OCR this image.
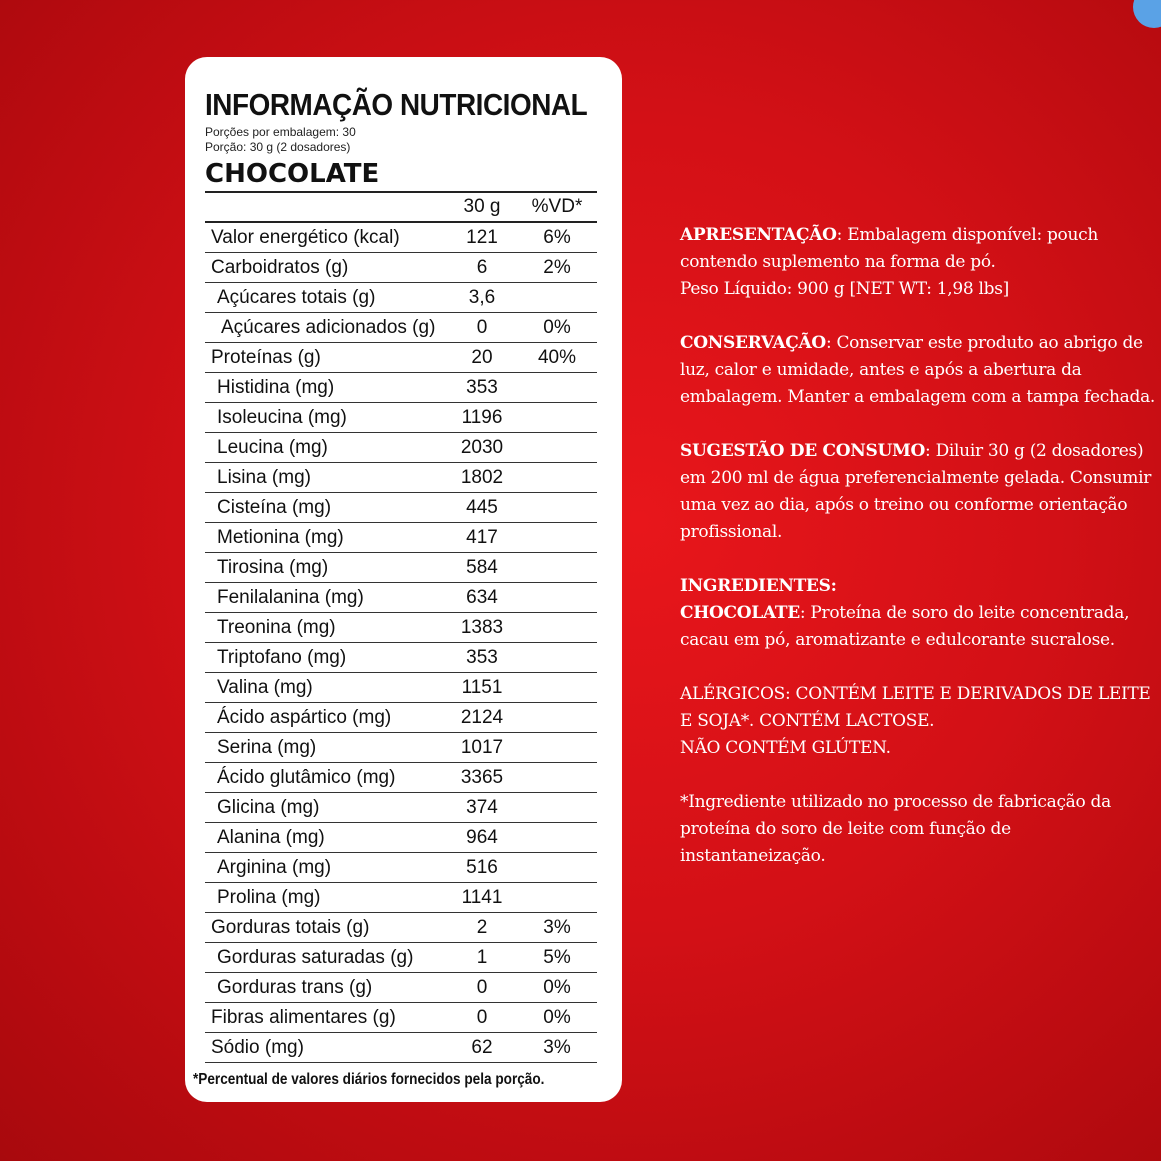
INFORMAÇÃO NUTRICIONAL
Porções por embalagem: 30
Porção: 30 g (2 dosadores)
CHOCOLATE
	30 g	%VD*
Valor energético (kcal)	121	6%
Carboidratos (g)	6	2%
Açúcares totais (g)	3,6	
Açúcares adicionados (g)	0	0%
Proteínas (g)	20	40%
Histidina (mg)	353	
Isoleucina (mg)	1196	
Leucina (mg)	2030	
Lisina (mg)	1802	
Cisteína (mg)	445	
Metionina (mg)	417	
Tirosina (mg)	584	
Fenilalanina (mg)	634	
Treonina (mg)	1383	
Triptofano (mg)	353	
Valina (mg)	1151	
Ácido aspártico (mg)	2124	
Serina (mg)	1017	
Ácido glutâmico (mg)	3365	
Glicina (mg)	374	
Alanina (mg)	964	
Arginina (mg)	516	
Prolina (mg)	1141	
Gorduras totais (g)	2	3%
Gorduras saturadas (g)	1	5%
Gorduras trans (g)	0	0%
Fibras alimentares (g)	0	0%
Sódio (mg)	62	3%
*Percentual de valores diários fornecidos pela porção.

APRESENTAÇÃO: Embalagem disponível: pouch contendo suplemento na forma de pó.
Peso Líquido: 900 g [NET WT: 1,98 lbs]

CONSERVAÇÃO: Conservar este produto ao abrigo de luz, calor e umidade, antes e após a abertura da embalagem. Manter a embalagem com a tampa fechada.

SUGESTÃO DE CONSUMO: Diluir 30 g (2 dosadores) em 200 ml de água preferencialmente gelada. Consumir uma vez ao dia, após o treino ou conforme orientação profissional.

INGREDIENTES:
CHOCOLATE: Proteína de soro do leite concentrada, cacau em pó, aromatizante e edulcorante sucralose.

ALÉRGICOS: CONTÉM LEITE E DERIVADOS DE LEITE E SOJA*. CONTÉM LACTOSE.
NÃO CONTÉM GLÚTEN.

*Ingrediente utilizado no processo de fabricação da proteína do soro de leite com função de instantaneização.
